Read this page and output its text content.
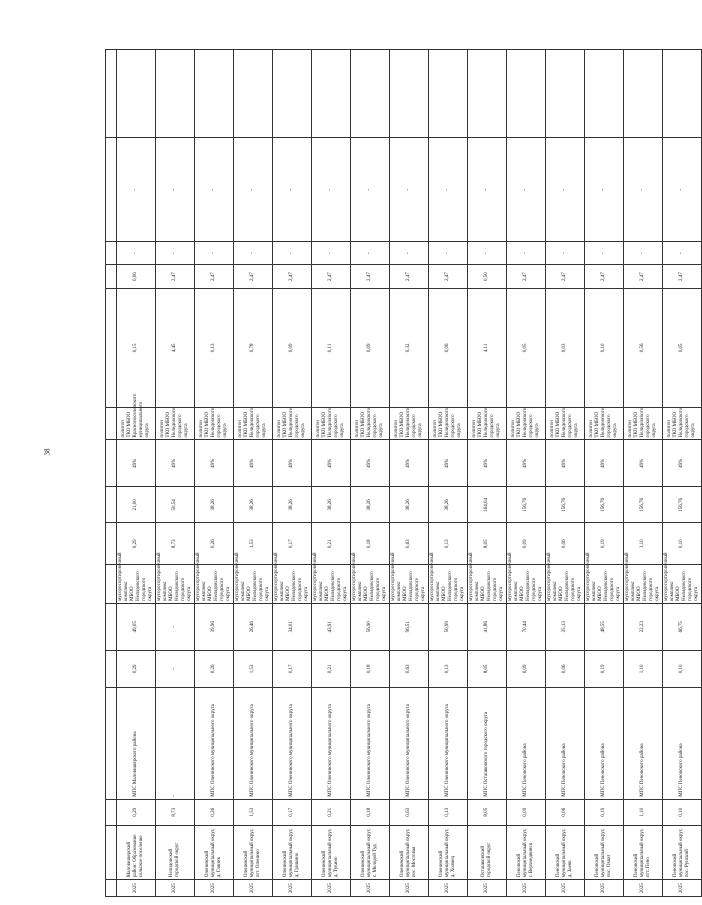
38

2025	Маловишерский район: Образование сельское поселение	0,29	МПС Маловишерского района	0,29	49,05	мусоросортировочный комплекс МБОО Нелидовского городского округа	0,29	21,00	49%	полигон ТКО МБОО Краснопоселенского муниципального округа	0,15	0,06	-	-	
2025	Нелидовский городской округ	8,73	-	-	-	мусоросортировочный комплекс МБОО Нелидовского городского округа	8,73	50,54	49%	полигон ТКО МБОО Нелидовского городского округа	4,45	2,47	-	-	
2025	Оленинский муниципальный округ, д. Гляник	0,26	МПС Оленинского муниципального округа	0,26	39,96	мусоросортировочный комплекс МБОО Нелидовского городского округа	0,26	38,26	49%	полигон ТКО МБОО Нелидовского городского округа	0,13	2,47	-	-	
2025	Оленинский муниципальный округ, пгт. Оленино	1,53	МПС Оленинского муниципального округа	1,53	26,46	мусоросортировочный комплекс МБОО Нелидовского городского округа	1,53	38,26	49%	полигон ТКО МБОО Нелидовского городского округа	0,78	2,47	-	-	
2025	Оленинский муниципальный округ, д. Гришино	0,17	МПС Оленинского муниципального округа	0,17	34,01	мусоросортировочный комплекс МБОО Нелидовского городского округа	0,17	38,26	49%	полигон ТКО МБОО Нелидовского городского округа	0,09	2,47	-	-	
2025	Оленинский муниципальный округ, д. Тукино	0,21	МПС Оленинского муниципального округа	0,21	43,91	мусоросортировочный комплекс МБОО Нелидовского городского округа	0,21	38,26	49%	полигон ТКО МБОО Нелидовского городского округа	0,11	2,47	-	-	
2025	Оленинский муниципальный округ, с. Молодой Туд	0,18	МПС Оленинского муниципального округа	0,18	56,90	мусоросортировочный комплекс МБОО Нелидовского городского округа	0,18	38,26	49%	полигон ТКО МБОО Нелидовского городского округа	0,09	2,47	-	-	
2025	Оленинский муниципальный округ, пос. Мостовая	0,63	МПС Оленинского муниципального округа	0,63	96,51	мусоросортировочный комплекс МБОО Нелидовского городского округа	0,63	38,26	49%	полигон ТКО МБОО Нелидовского городского округа	0,32	2,47	-	-	
2025	Оленинский муниципальный округ, д. Холмец	0,13	МПС Оленинского муниципального округа	0,13	50,99	мусоросортировочный комплекс МБОО Нелидовского городского округа	0,13	38,26	49%	полигон ТКО МБОО Нелидовского городского округа	0,06	2,47	-	-	
2025	Осташковский городской округ	8,05	МПС Осташковского городского округа	8,05	41,86	мусоросортировочный комплекс МБОО Нелидовского городского округа	8,05	164,04	49%	полигон ТКО МБОО Нелидовского городского округа	4,11	0,50	-	-	
2025	Пеновский муниципальный округ, г. Верхнедвинск	0,09	МПС Пеновского района	0,09	70,44	мусоросортировочный комплекс МБОО Нелидовского городского округа	0,09	156,76	49%	полигон ТКО МБОО Нелидовского городского округа	0,05	2,47	-	-	
2025	Пеновский муниципальный округ, д. Заевк	0,06	МПС Пеновского района	0,06	35,13	мусоросортировочный комплекс МБОО Нелидовского городского округа	0,06	156,76	49%	полигон ТКО МБОО Нелидовского городского округа	0,03	2,47	-	-	
2025	Пеновский муниципальный округ, пос. Охват	0,19	МПС Пеновского района	0,19	48,55	мусоросортировочный комплекс МБОО Нелидовского городского округа	0,19	156,76	49%	полигон ТКО МБОО Нелидовского городского округа	0,10	2,47	-	-	
2025	Пеновский муниципальный округ, пгт. Пено	1,10	МПС Пеновского района	1,10	22,23	мусоросортировочный комплекс МБОО Нелидовского городского округа	1,10	156,76	49%	полигон ТКО МБОО Нелидовского городского округа	0,56	2,47	-	-	
2025	Пеновский муниципальный округ, пос. Рунский	0,10	МПС Пеновского района	0,10	66,75	мусоросортировочный комплекс МБОО Нелидовского городского округа	0,10	156,76	49%	полигон ТКО МБОО Нелидовского городского округа	0,05	2,47	-	-	
